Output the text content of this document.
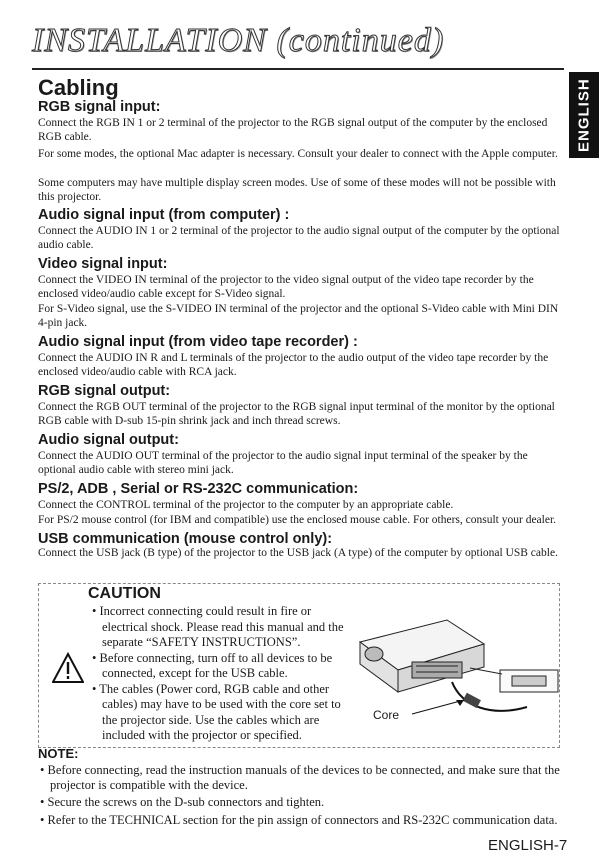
INSTALLATION (continued)
ENGLISH
Cabling
RGB signal input:
Connect the RGB IN 1 or 2 terminal of the projector to the RGB signal output of the computer by the enclosed RGB cable.
For some modes, the optional Mac adapter is necessary. Consult your dealer to connect with the Apple computer.
Some computers may have multiple display screen modes. Use of some of these modes will not be possible with this projector.
Audio signal input (from computer) :
Connect the AUDIO IN 1 or 2 terminal of the projector to the audio signal output of the computer by the optional audio cable.
Video signal input:
Connect the VIDEO IN terminal of the projector to the video signal output of the video tape recorder by the enclosed video/audio cable except for S-Video signal.
For S-Video signal, use the S-VIDEO IN terminal of the projector and the optional S-Video cable with Mini DIN 4-pin jack.
Audio signal input (from video tape recorder) :
Connect the AUDIO IN R and L terminals of the projector to the audio output of the video tape recorder by the enclosed video/audio cable with RCA jack.
RGB signal output:
Connect the RGB OUT terminal of the projector to the RGB signal input terminal of the monitor by the optional RGB cable with D-sub 15-pin shrink jack and inch thread screws.
Audio signal output:
Connect the AUDIO OUT terminal of the projector to the audio signal input terminal of the speaker by the optional audio cable with stereo mini jack.
PS/2, ADB , Serial or RS-232C communication:
Connect the CONTROL terminal of the projector to the computer by an appropriate cable.
For PS/2 mouse control (for IBM and compatible) use the enclosed mouse cable. For others, consult your dealer.
USB communication (mouse control only):
Connect the USB jack (B type) of the projector to the USB jack (A type) of the computer by optional USB cable.
CAUTION
• Incorrect connecting could result in fire or electrical shock. Please read this manual and the separate “SAFETY INSTRUCTIONS”.
• Before connecting, turn off to all devices to be connected, except for the USB cable.
• The cables (Power cord, RGB cable and other cables) may have to be used with the core set to the projector side. Use the cables which are included with the projector or specified.
Core
NOTE:
• Before connecting, read the instruction manuals of the devices to be connected, and make sure that the projector is compatible with the device.
• Secure the screws on the D-sub connectors and tighten.
• Refer to the TECHNICAL section for the pin assign of connectors and RS-232C communication data.
ENGLISH-7
